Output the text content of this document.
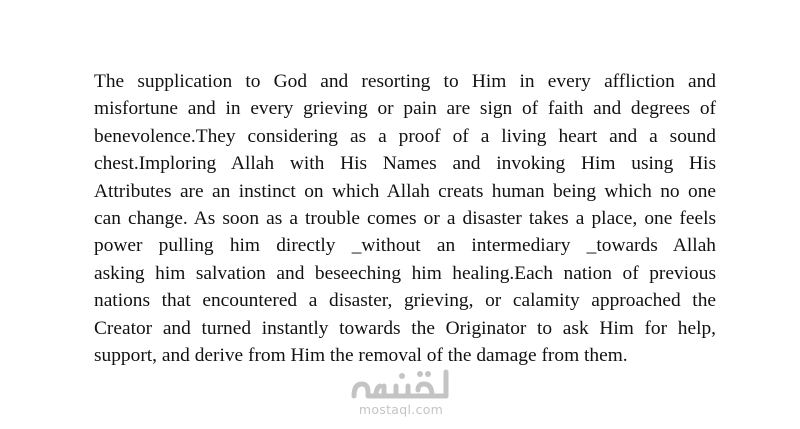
The supplication to God and resorting to Him in every affliction and
misfortune and in every grieving or pain are sign of faith and degrees of
benevolence.They considering as a proof of a living heart and a sound
chest.Imploring Allah with His Names and invoking Him using His
Attributes are an instinct on which Allah creats human being which no one
can change. As soon as a trouble comes or a disaster takes a place, one feels
power pulling him directly _without an intermediary _towards Allah
asking him salvation and beseeching him healing.Each nation of previous
nations that encountered a disaster, grieving, or calamity approached the
Creator and turned instantly towards the Originator to ask Him for help,
support, and derive from Him the removal of the damage from them.
mostaql.com
